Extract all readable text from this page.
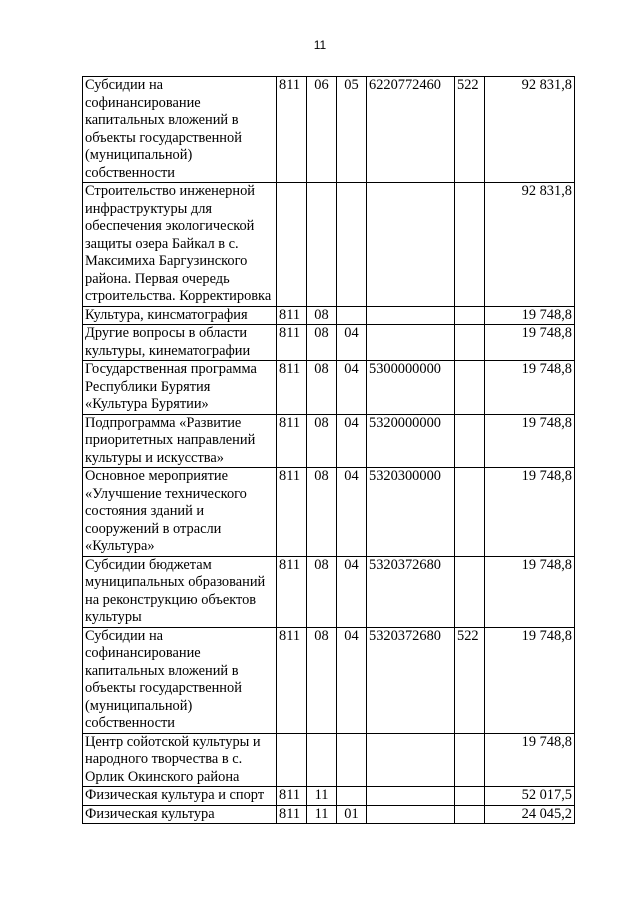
11
Субсидии на софинансирование капитальных вложений в объекты государственной (муниципальной) собственности	811	06	05	6220772460	522	92 831,8
Строительство инженерной инфраструктуры для обеспечения экологической защиты озера Байкал в с. Максимиха Баргузинского района. Первая очередь строительства. Корректировка						92 831,8
Культура, кинсматография	811	08				19 748,8
Другие вопросы в области культуры, кинематографии	811	08	04			19 748,8
Государственная программа Республики Бурятия «Культура Бурятии»	811	08	04	5300000000		19 748,8
Подпрограмма «Развитие приоритетных направлений культуры и искусства»	811	08	04	5320000000		19 748,8
Основное мероприятие «Улучшение технического состояния зданий и сооружений в отрасли «Культура»	811	08	04	5320300000		19 748,8
Субсидии бюджетам муниципальных образований на реконструкцию объектов культуры	811	08	04	5320372680		19 748,8
Субсидии на софинансирование капитальных вложений в объекты государственной (муниципальной) собственности	811	08	04	5320372680	522	19 748,8
Центр сойотской культуры и народного творчества в с. Орлик Окинского района						19 748,8
Физическая культура и спорт	811	11				52 017,5
Физическая культура	811	11	01			24 045,2
